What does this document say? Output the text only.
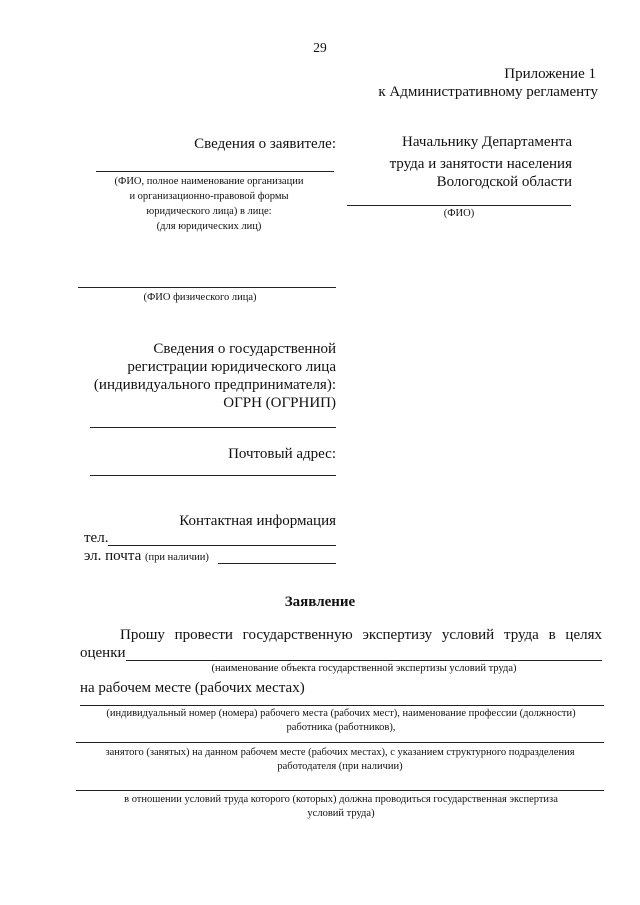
29
Приложение 1
к Административному регламенту
Сведения о заявителе:	Начальнику Департамента
труда и занятости населения
Вологодской области
(ФИО)
(ФИО, полное наименование организации
и организационно-правовой формы
юридического лица) в лице:
(для юридических лиц)
(ФИО физического лица)
Сведения о государственной
регистрации юридического лица
(индивидуального предпринимателя):
ОГРН (ОГРНИП)
Почтовый адрес:
Контактная информация
тел.
эл. почта (при наличии)
Заявление
Прошу провести государственную экспертизу условий труда в целях
оценки
(наименование объекта государственной экспертизы условий труда)
на рабочем месте (рабочих местах)
(индивидуальный номер (номера) рабочего места (рабочих мест), наименование профессии (должности)
работника (работников),
занятого (занятых) на данном рабочем месте (рабочих местах), с указанием структурного подразделения
работодателя (при наличии)
в отношении условий труда которого (которых) должна проводиться государственная экспертиза
условий труда)
